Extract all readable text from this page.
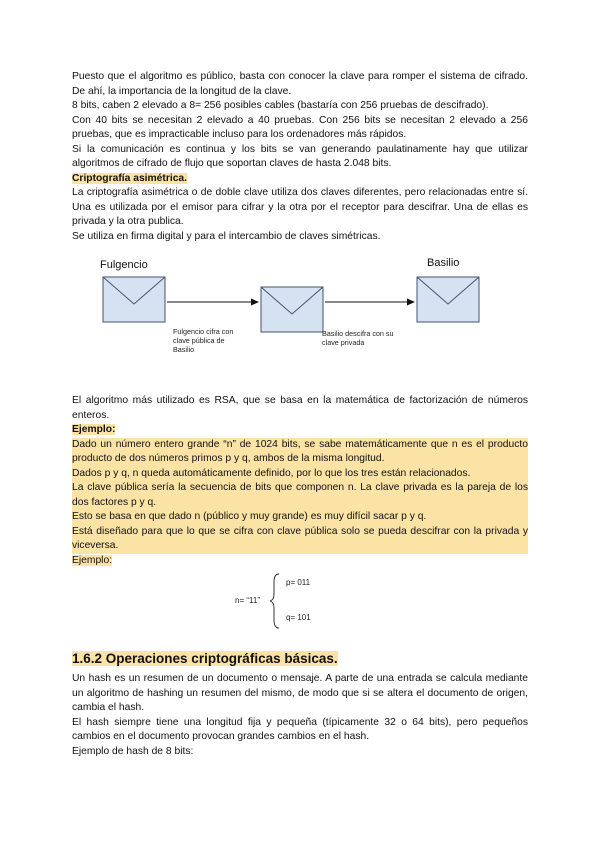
Puesto que el algoritmo es público, basta con conocer la clave para romper el sistema de cifrado. De ahí, la importancia de la longitud de la clave.

8 bits, caben 2 elevado a 8= 256 posibles cables (bastaría con 256 pruebas de descifrado).

Con 40 bits se necesitan 2 elevado a 40 pruebas. Con 256 bits se necesitan 2 elevado a 256 pruebas, que es impracticable incluso para los ordenadores más rápidos.

Si la comunicación es continua y los bits se van generando paulatinamente hay que utilizar algoritmos de cifrado de flujo que soportan claves de hasta 2.048 bits.

Criptografía asimétrica.

La criptografía asimétrica o de doble clave utiliza dos claves diferentes, pero relacionadas entre sí. Una es utilizada por el emisor para cifrar y la otra por el receptor para descifrar. Una de ellas es privada y la otra publica.

Se utiliza en firma digital y para el intercambio de claves simétricas.

Fulgencio	Basilio
Fulgencio cifra con
clave pública de
Basilio
Basilio descifra con su
clave privada

El algoritmo más utilizado es RSA, que se basa en la matemática de factorización de números enteros.

Ejemplo:

Dado un número entero grande “n” de 1024 bits, se sabe matemáticamente que n es el producto producto de dos números primos p y q, ambos de la misma longitud.

Dados p y q, n queda automáticamente definido, por lo que los tres están relacionados.

La clave pública sería la secuencia de bits que componen n. La clave privada es la pareja de los dos factores p y q.

Esto se basa en que dado n (público y muy grande) es muy difícil sacar p y q.

Está diseñado para que lo que se cifra con clave pública solo se pueda descifrar con la privada y viceversa.

Ejemplo:

n= “11”
p= 011
q= 101

1.6.2 Operaciones criptográficas básicas.

Un hash es un resumen de un documento o mensaje. A parte de una entrada se calcula mediante un algoritmo de hashing un resumen del mismo, de modo que si se altera el documento de origen, cambia el hash.

El hash siempre tiene una longitud fija y pequeña (típicamente 32 o 64 bits), pero pequeños cambios en el documento provocan grandes cambios en el hash.

Ejemplo de hash de 8 bits:
